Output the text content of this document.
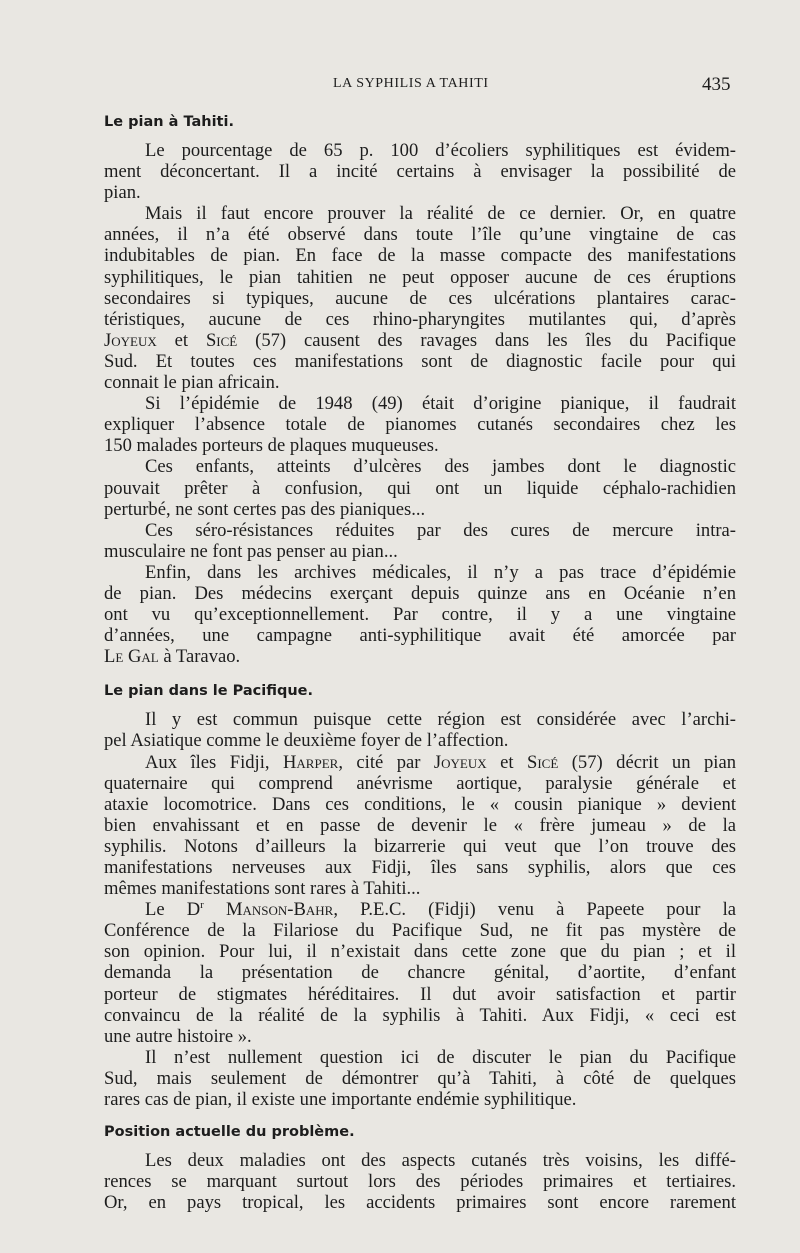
LA SYPHILIS A TAHITI	435
Le pian à Tahiti.
Le pourcentage de 65 p. 100 d’écoliers syphilitiques est évidem-
ment déconcertant. Il a incité certains à envisager la possibilité de
pian.
Mais il faut encore prouver la réalité de ce dernier. Or, en quatre
années, il n’a été observé dans toute l’île qu’une vingtaine de cas
indubitables de pian. En face de la masse compacte des manifestations
syphilitiques, le pian tahitien ne peut opposer aucune de ces éruptions
secondaires si typiques, aucune de ces ulcérations plantaires carac-
téristiques, aucune de ces rhino-pharyngites mutilantes qui, d’après
Joyeux et Sicé (57) causent des ravages dans les îles du Pacifique
Sud. Et toutes ces manifestations sont de diagnostic facile pour qui
connait le pian africain.
Si l’épidémie de 1948 (49) était d’origine pianique, il faudrait
expliquer l’absence totale de pianomes cutanés secondaires chez les
150 malades porteurs de plaques muqueuses.
Ces enfants, atteints d’ulcères des jambes dont le diagnostic
pouvait prêter à confusion, qui ont un liquide céphalo-rachidien
perturbé, ne sont certes pas des pianiques...
Ces séro-résistances réduites par des cures de mercure intra-
musculaire ne font pas penser au pian...
Enfin, dans les archives médicales, il n’y a pas trace d’épidémie
de pian. Des médecins exerçant depuis quinze ans en Océanie n’en
ont vu qu’exceptionnellement. Par contre, il y a une vingtaine
d’années, une campagne anti-syphilitique avait été amorcée par
Le Gal à Taravao.
Le pian dans le Pacifique.
Il y est commun puisque cette région est considérée avec l’archi-
pel Asiatique comme le deuxième foyer de l’affection.
Aux îles Fidji, Harper, cité par Joyeux et Sicé (57) décrit un pian
quaternaire qui comprend anévrisme aortique, paralysie générale et
ataxie locomotrice. Dans ces conditions, le « cousin pianique » devient
bien envahissant et en passe de devenir le « frère jumeau » de la
syphilis. Notons d’ailleurs la bizarrerie qui veut que l’on trouve des
manifestations nerveuses aux Fidji, îles sans syphilis, alors que ces
mêmes manifestations sont rares à Tahiti...
Le $D^r$ Manson-Bahr, P.E.C. (Fidji) venu à Papeete pour la
Conférence de la Filariose du Pacifique Sud, ne fit pas mystère de
son opinion. Pour lui, il n’existait dans cette zone que du pian ; et il
demanda la présentation de chancre génital, d’aortite, d’enfant
porteur de stigmates héréditaires. Il dut avoir satisfaction et partir
convaincu de la réalité de la syphilis à Tahiti. Aux Fidji, « ceci est
une autre histoire ».
Il n’est nullement question ici de discuter le pian du Pacifique
Sud, mais seulement de démontrer qu’à Tahiti, à côté de quelques
rares cas de pian, il existe une importante endémie syphilitique.
Position actuelle du problème.
Les deux maladies ont des aspects cutanés très voisins, les diffé-
rences se marquant surtout lors des périodes primaires et tertiaires.
Or, en pays tropical, les accidents primaires sont encore rarement
